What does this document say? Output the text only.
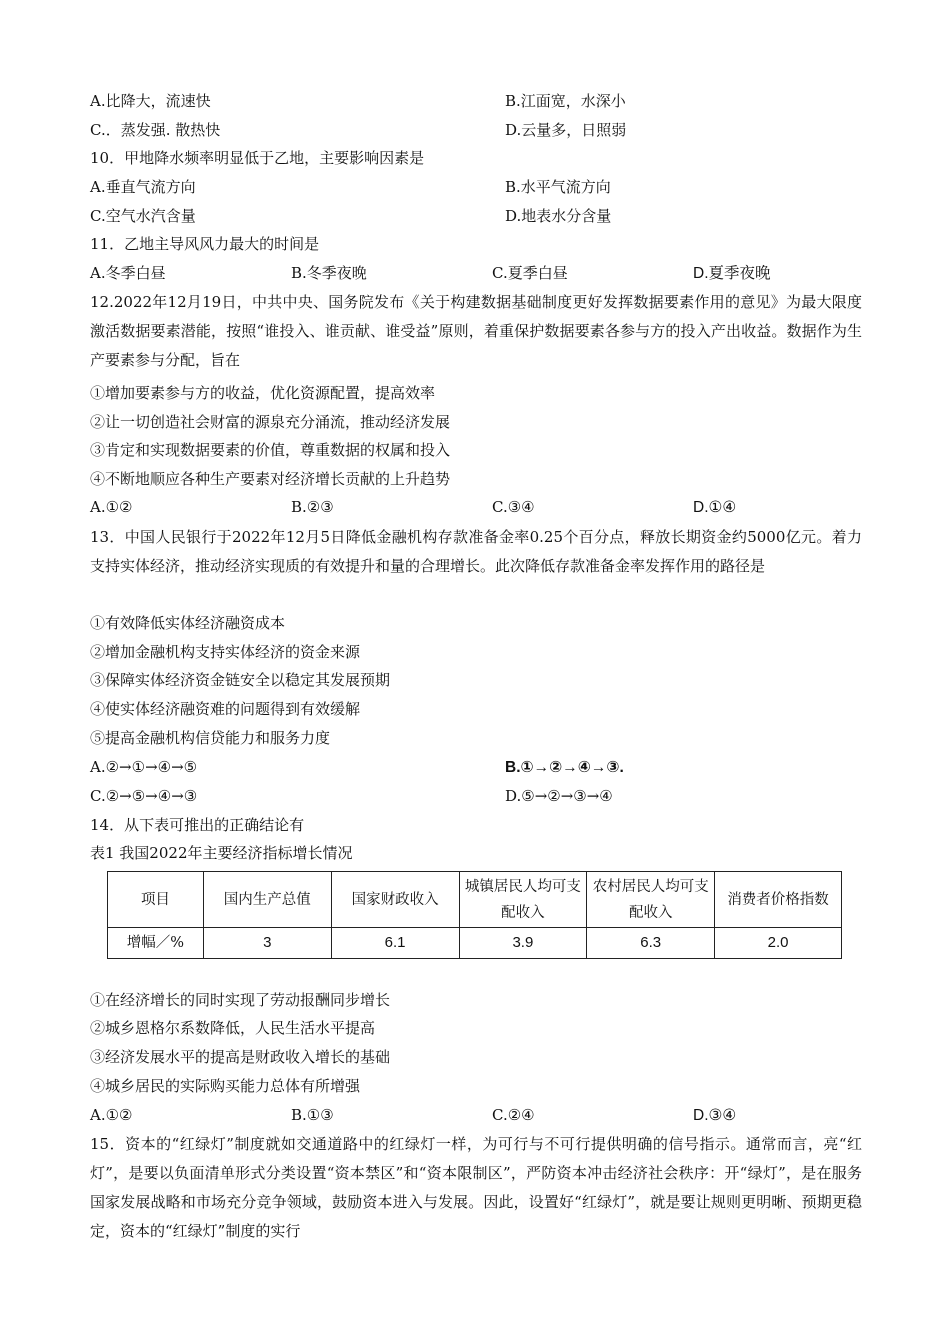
A.比降大，流速快	B.江面宽，水深小
C.．蒸发强. 散热快	D.云量多，日照弱
10．甲地降水频率明显低于乙地，主要影响因素是
A.垂直气流方向	B.水平气流方向
C.空气水汽含量	D.地表水分含量
11．乙地主导风风力最大的时间是
A.冬季白昼	B.冬季夜晚	C.夏季白昼	D.夏季夜晚
12.2022年12月19日，中共中央、国务院发布《关于构建数据基础制度更好发挥数据要素作用的意见》为最大限度激活数据要素潜能，按照“谁投入、谁贡献、谁受益”原则，着重保护数据要素各参与方的投入产出收益。数据作为生产要素参与分配，旨在
①增加要素参与方的收益，优化资源配置，提高效率
②让一切创造社会财富的源泉充分涌流，推动经济发展
③肯定和实现数据要素的价值，尊重数据的权属和投入
④不断地顺应各种生产要素对经济增长贡献的上升趋势
A.①②	B.②③	C.③④	D.①④
13．中国人民银行于2022年12月5日降低金融机构存款准备金率0.25个百分点，释放长期资金约5000亿元。着力支持实体经济，推动经济实现质的有效提升和量的合理增长。此次降低存款准备金率发挥作用的路径是
①有效降低实体经济融资成本
②增加金融机构支持实体经济的资金来源
③保障实体经济资金链安全以稳定其发展预期
④使实体经济融资难的问题得到有效缓解
⑤提高金融机构信贷能力和服务力度
A.②→①→④→⑤	B.①→②→④→③.
C.②→⑤→④→③	D.⑤→②→③→④
14．从下表可推出的正确结论有
表1 我国2022年主要经济指标增长情况
项目	国内生产总值	国家财政收入	城镇居民人均可支配收入	农村居民人均可支配收入	消费者价格指数
增幅／%	3	6.1	3.9	6.3	2.0
①在经济增长的同时实现了劳动报酬同步增长
②城乡恩格尔系数降低，人民生活水平提高
③经济发展水平的提高是财政收入增长的基础
④城乡居民的实际购买能力总体有所增强
A.①②	B.①③	C.②④	D.③④
15．资本的“红绿灯”制度就如交通道路中的红绿灯一样，为可行与不可行提供明确的信号指示。通常而言，亮“红灯”，是要以负面清单形式分类设置“资本禁区”和“资本限制区”，严防资本冲击经济社会秩序：开“绿灯”，是在服务国家发展战略和市场充分竞争领域，鼓励资本进入与发展。因此，设置好“红绿灯”，就是要让规则更明晰、预期更稳定，资本的“红绿灯”制度的实行
